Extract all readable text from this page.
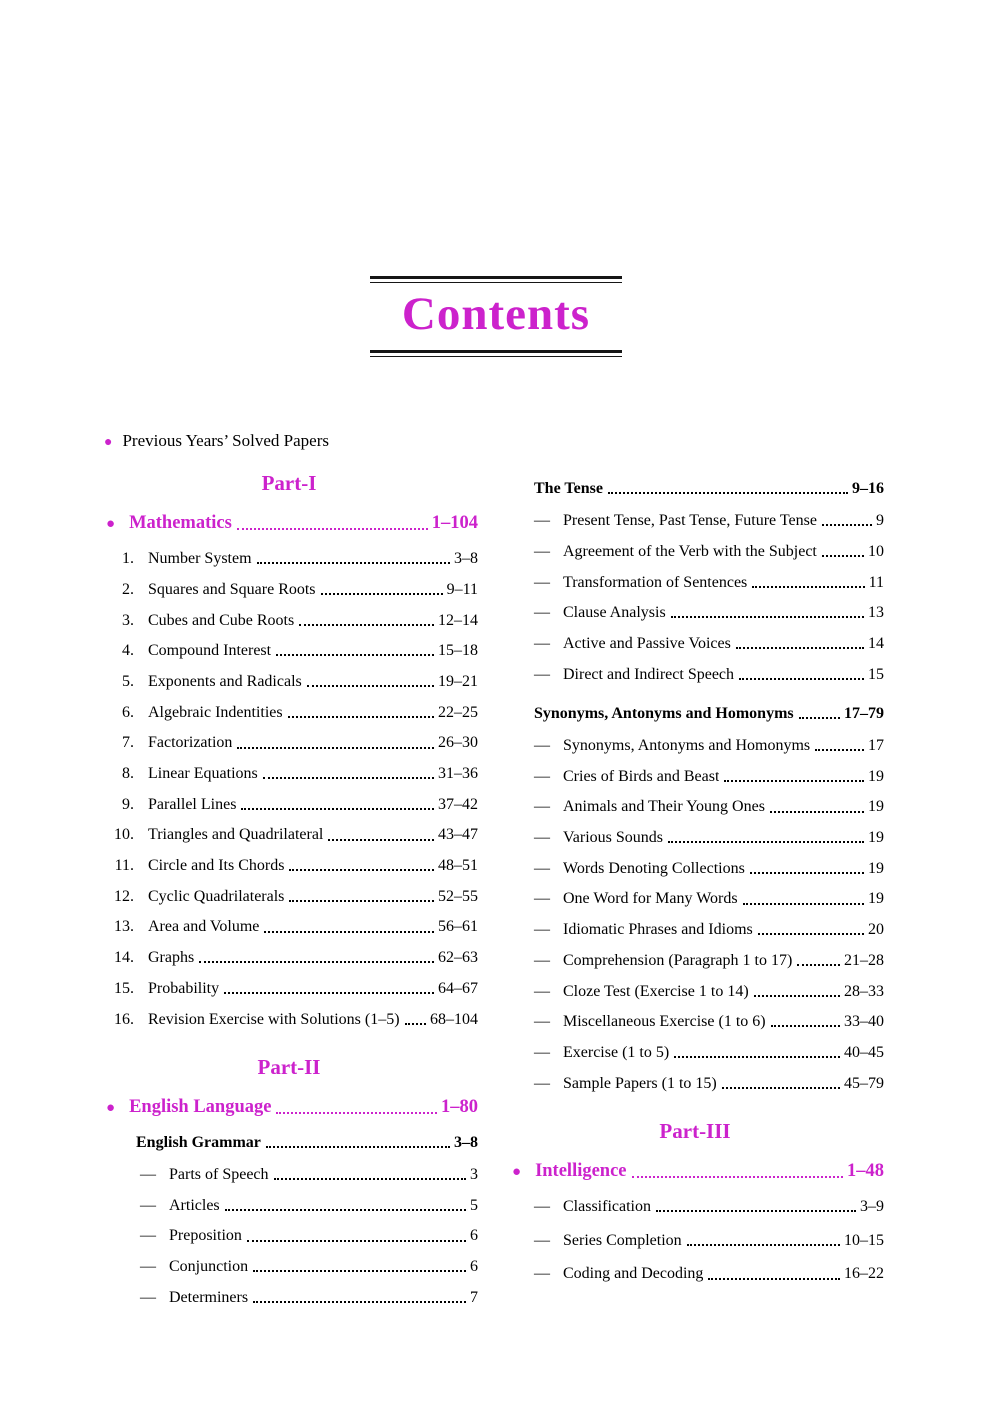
Contents
● Previous Years’ Solved Papers
Part-I
● Mathematics	1–104
1. Number System	3–8
2. Squares and Square Roots	9–11
3. Cubes and Cube Roots	12–14
4. Compound Interest	15–18
5. Exponents and Radicals	19–21
6. Algebraic Indentities	22–25
7. Factorization	26–30
8. Linear Equations	31–36
9. Parallel Lines	37–42
10. Triangles and Quadrilateral	43–47
11. Circle and Its Chords	48–51
12. Cyclic Quadrilaterals	52–55
13. Area and Volume	56–61
14. Graphs	62–63
15. Probability	64–67
16. Revision Exercise with Solutions (1–5) 68–104
Part-II
● English Language	1–80
English Grammar	3–8
— Parts of Speech	3
— Articles	5
— Preposition	6
— Conjunction	6
— Determiners	7
The Tense	9–16
— Present Tense, Past Tense, Future Tense	9
— Agreement of the Verb with the Subject	10
— Transformation of Sentences	11
— Clause Analysis	13
— Active and Passive Voices	14
— Direct and Indirect Speech	15
Synonyms, Antonyms and Homonyms	17–79
— Synonyms, Antonyms and Homonyms	17
— Cries of Birds and Beast	19
— Animals and Their Young Ones	19
— Various Sounds	19
— Words Denoting Collections	19
— One Word for Many Words	19
— Idiomatic Phrases and Idioms	20
— Comprehension (Paragraph 1 to 17)	21–28
— Cloze Test (Exercise 1 to 14)	28–33
— Miscellaneous Exercise (1 to 6)	33–40
— Exercise (1 to 5)	40–45
— Sample Papers (1 to 15)	45–79
Part-III
● Intelligence	1–48
— Classification	3–9
— Series Completion	10–15
— Coding and Decoding	16–22
